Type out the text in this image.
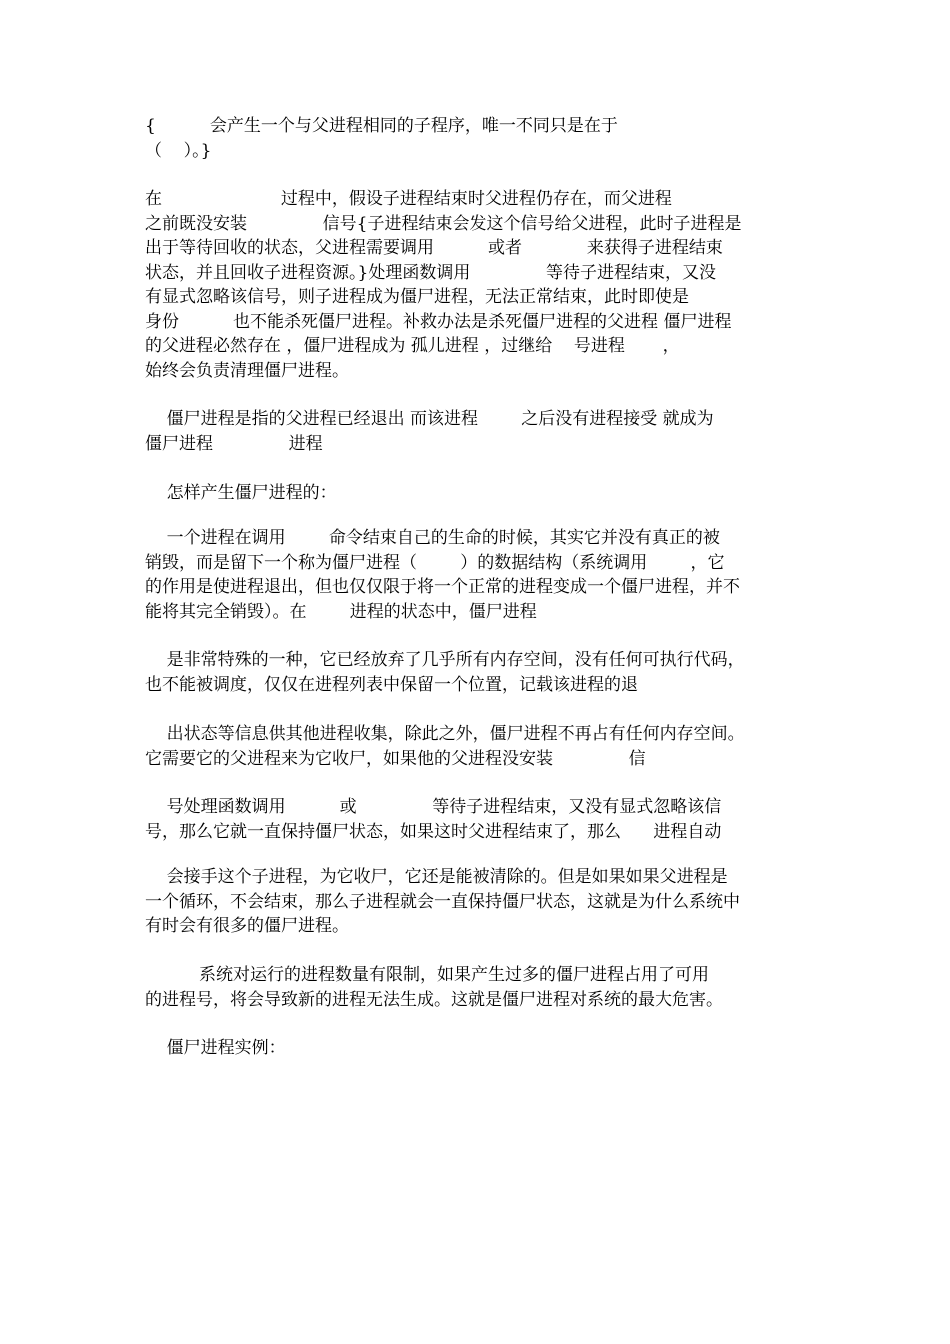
{          会产生一个与父进程相同的子程序，唯一不同只是在于
（    ）。}
在                      过程中，假设子进程结束时父进程仍存在，而父进程
之前既没安装              信号{子进程结束会发这个信号给父进程，此时子进程是
出于等待回收的状态，父进程需要调用          或者            来获得子进程结束
状态，并且回收子进程资源。}处理函数调用              等待子进程结束，又没
有显式忽略该信号，则子进程成为僵尸进程，无法正常结束，此时即使是
身份          也不能杀死僵尸进程。补救办法是杀死僵尸进程的父进程 僵尸进程
的父进程必然存在 ，僵尸进程成为 孤儿进程 ，过继给    号进程       ，
始终会负责清理僵尸进程。
僵尸进程是指的父进程已经退出 而该进程        之后没有进程接受 就成为
僵尸进程              进程
怎样产生僵尸进程的：
一个进程在调用        命令结束自己的生命的时候，其实它并没有真正的被
销毁，而是留下一个称为僵尸进程（        ）的数据结构（系统调用        ，它
的作用是使进程退出，但也仅仅限于将一个正常的进程变成一个僵尸进程，并不
能将其完全销毁）。在        进程的状态中，僵尸进程
是非常特殊的一种，它已经放弃了几乎所有内存空间，没有任何可执行代码，
也不能被调度，仅仅在进程列表中保留一个位置，记载该进程的退
出状态等信息供其他进程收集，除此之外，僵尸进程不再占有任何内存空间。
它需要它的父进程来为它收尸，如果他的父进程没安装              信
号处理函数调用          或              等待子进程结束，又没有显式忽略该信
号，那么它就一直保持僵尸状态，如果这时父进程结束了，那么      进程自动
会接手这个子进程，为它收尸，它还是能被清除的。但是如果如果父进程是
一个循环，不会结束，那么子进程就会一直保持僵尸状态，这就是为什么系统中
有时会有很多的僵尸进程。
系统对运行的进程数量有限制，如果产生过多的僵尸进程占用了可用
的进程号，将会导致新的进程无法生成。这就是僵尸进程对系统的最大危害。
僵尸进程实例：
